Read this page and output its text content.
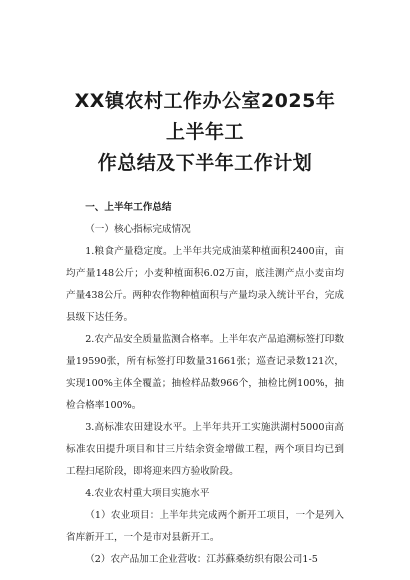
XX镇农村工作办公室2025年上半年工
作总结及下半年工作计划

一、上半年工作总结

（一）核心指标完成情况

1.粮食产量稳定度。上半年共完成油菜种植面积2400亩，亩均产量148公斤；小麦种植面积6.02万亩，底洼测产点小麦亩均产量438公斤。两种农作物种植面积与产量均录入统计平台，完成县级下达任务。

2.农产品安全质量监测合格率。上半年农产品追溯标签打印数量19590张，所有标签打印数量31661张；巡查记录数121次，实现100%主体全覆盖；抽检样品数966个，抽检比例100%，抽检合格率100%。

3.高标准农田建设水平。上半年共开工实施洪湖村5000亩高标准农田提升项目和甘三片结余资金增做工程，两个项目均已到工程扫尾阶段，即将迎来四方验收阶段。

4.农业农村重大项目实施水平

（1）农业项目：上半年共完成两个新开工项目，一个是列入省库新开工，一个是市对县新开工。

（2）农产品加工企业营收：江苏蘇桑纺织有限公司1-5
